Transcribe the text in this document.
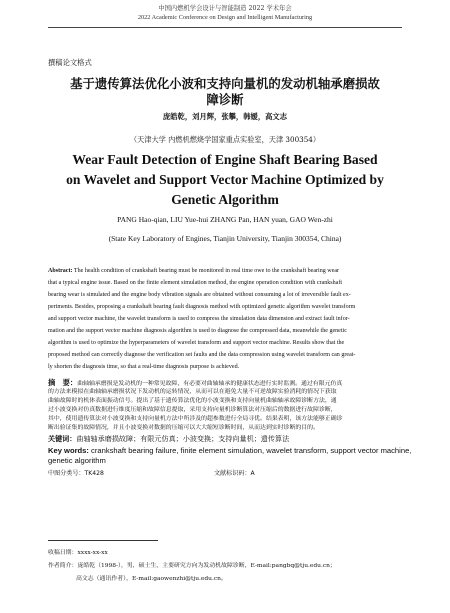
中国内燃机学会设计与智能制造 2022 学术年会
2022 Academic Conference on Design and Intelligent Manufacturing
撰稿论文格式
基于遗传算法优化小波和支持向量机的发动机轴承磨损故
障诊断
庞皓乾，刘月辉，张攀，韩嫒，高文志
（天津大学 内燃机燃烧学国家重点实验室，天津 300354）
Wear Fault Detection of Engine Shaft Bearing Based
on Wavelet and Support Vector Machine Optimized by
Genetic Algorithm
PANG Hao-qian, LIU Yue-hui ZHANG Pan, HAN yuan, GAO Wen-zhi
(State Key Laboratory of Engines, Tianjin University, Tianjin 300354, China)
Abstract: The health condition of crankshaft bearing must be monitored in real time owe to the crankshaft bearing wear
that a typical engine issue. Based on the finite element simulation method, the engine operation condition with crankshaft
bearing wear is simulated and the engine body vibration signals are obtained without consuming a lot of irreversible fault ex-
periments. Besides, proposing a crankshaft bearing fault diagnosis method with optimized genetic algorithm wavelet transform
and support vector machine, the wavelet transform is used to compress the simulation data dimension and extract fault infor-
mation and the support vector machine diagnosis algorithm is used to diagnose the compressed data, meanwhile the genetic
algorithm is used to optimize the hyperparameters of wavelet transform and support vector machine. Results show that the
proposed method can correctly diagnose the verification set faults and the data compression using wavelet transform can great-
ly shorten the diagnosis time, so that a real-time diagnosis purpose is achieved.
摘　要：曲轴轴承磨损是发动机的一种常见故障，有必要对曲轴轴承的健康状态进行实时监测。通过有限元仿真
的方法来模拟在曲轴轴承磨损状况下发动机的运转情况，从而可以在避免大量不可逆故障实验消耗的情况下获取
曲轴故障时的机体表面振动信号。提出了基于遗传算法优化的小波变换和支持向量机曲轴轴承故障诊断方法，通
过小波变换对仿真数据进行维度压缩和故障信息提取，采用支持向量机诊断算法对压缩后的数据进行故障诊断，
其中，使用遗传算法对小波变换和支持向量机方法中所涉及的超参数进行全局寻优。结果表明，该方法能够正确诊
断出验证集的故障情况，并且小波变换对数据的压缩可以大大缩短诊断时间，从而达到实时诊断的目的。
关键词：曲轴轴承磨损故障；有限元仿真；小波变换；支持向量机；遗传算法
Key words: crankshaft bearing failure, finite element simulation, wavelet transform, support vector machine,
genetic algorithm
中图分类号：TK428	文献标识码：A
收稿日期：xxxx-xx-xx
作者简介：庞皓乾（1998-），男，硕士生，主要研究方向为发动机故障诊断，E-mail:pangbq@tju.edu.cn；
高文志（通讯作者），E-mail:gaowenzhi@tju.edu.cn。
